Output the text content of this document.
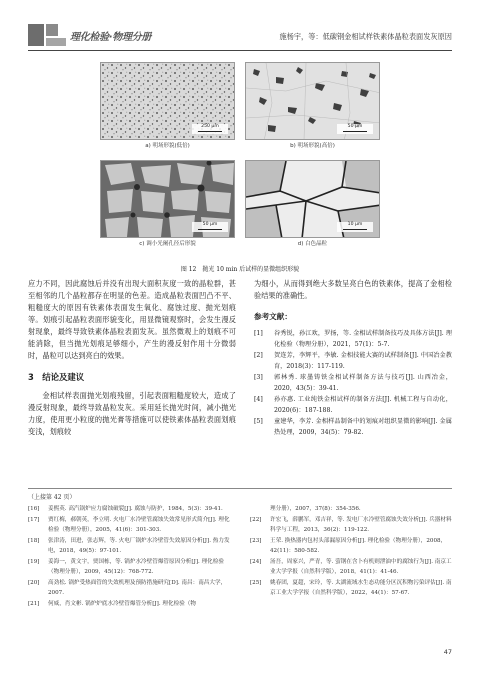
理化检验·物理分册	施杨宇，等：低碳钢金相试样铁素体晶粒表面发灰原因
250 μm
a) 明场形貌(低倍)
50 μm
b) 明场形貌(高倍)
50 μm
c) 调小光阑孔径后形貌
10 μm
d) 白色晶粒
图 12　抛光 10 min 后试样的显微组织形貌

应力不同，因此腐蚀后并没有出现大面积灰度一致的晶粒群，甚至相邻的几个晶粒都存在明显的色差。造成晶粒表面凹凸不平、粗糙度大的原因有铁素体表面发生氧化、腐蚀过度、抛光划痕等。划痕引起晶粒表面形貌变化，用显微镜观察时，会发生漫反射现象，最终导致铁素体晶粒表面发灰。虽然微观上的划痕不可能消除，但当抛光划痕足够细小，产生的漫反射作用十分微弱时，晶粒可以达到亮白的效果。

3　结论及建议

金相试样表面抛光划痕残留，引起表面粗糙度较大，造成了漫反射现象，最终导致晶粒发灰。采用延长抛光时间，减小抛光力度，使用更小粒度的抛光膏等措施可以使铁素体晶粒表面划痕变浅，划痕较

为细小，从而得到绝大多数呈亮白色的铁素体，提高了金相检验结果的准确性。

参考文献：
[1]	谷秀锐，孙江欢，罗扬，等. 金相试样制备技巧及具体方法[J]. 理化检验（物理分册），2021，57(1)：5-7.
[2]	贺连芳，李辉平，李敏. 金相技能大赛的试样制备[J]. 中国冶金教育，2018(3)：117-119.
[3]	郭林秀. 球墨铸铁金相试样制备方法与技巧[J]. 山西冶金，2020，43(5)：39-41.
[4]	孙亦惠. 工业纯铁金相试样的制备方法[J]. 机械工程与自动化，2020(6)：187-188.
[5]	童建华，李芳. 金相样品制备中的划痕对组织显微的影响[J]. 金属热处理，2009，34(5)：79-82.
（上接第 42 页）
[16]	姜熙英. 高汽锅炉应力腐蚀破裂[J]. 腐蚀与防护，1984，5(3)：39-41.
[17]	贾红梅，郝朝英，李立明. 火电厂水冷壁管腐蚀失效常见形式简介[J]. 理化检验（物理分册），2005，41(6)：301-303.
[18]	张津涛，田进，张志辉，等. 火电厂锅炉水冷壁管失效原因分析[J]. 热力发电，2018，49(5)：97-101.
[19]	姜海一，黄文宇，贾国栋，等. 锅炉水冷壁管爆管原因分析[J]. 理化检验（物理分册），2009，45(12)：768-772.
[20]	高劲松. 锅炉受热面管的失效机理及预防措施研究[D]. 南昌：南昌大学，2007.
[21]	何威，肖文彬. 锅炉炉底水冷壁管爆管分析[J]. 理化检验（物
理分册），2007，37(8)：354-356.
[22]	许宏飞，薛鹏军，邓吉祥，等. 发电厂水冷壁管腐蚀失效分析[J]. 兵器材料科学与工程，2013，36(2)：119-122.
[23]	王荣. 换热器内包衬头部漏原因分析[J]. 理化检验（物理分册），2008，42(11)：580-582.
[24]	汤吾，周家兴，严青，等. 萤钢在含卜有机则泄油中的腐蚀行为[J]. 南京工业大学学报（自然科学版），2018，41(1)：41-46.
[25]	姚春团，夏超，宋玲，等. 太湖流域水生态功能分区沉积物污染评估[J]. 南京工业大学学报（自然科学版），2022，44(1)：57-67.
47
